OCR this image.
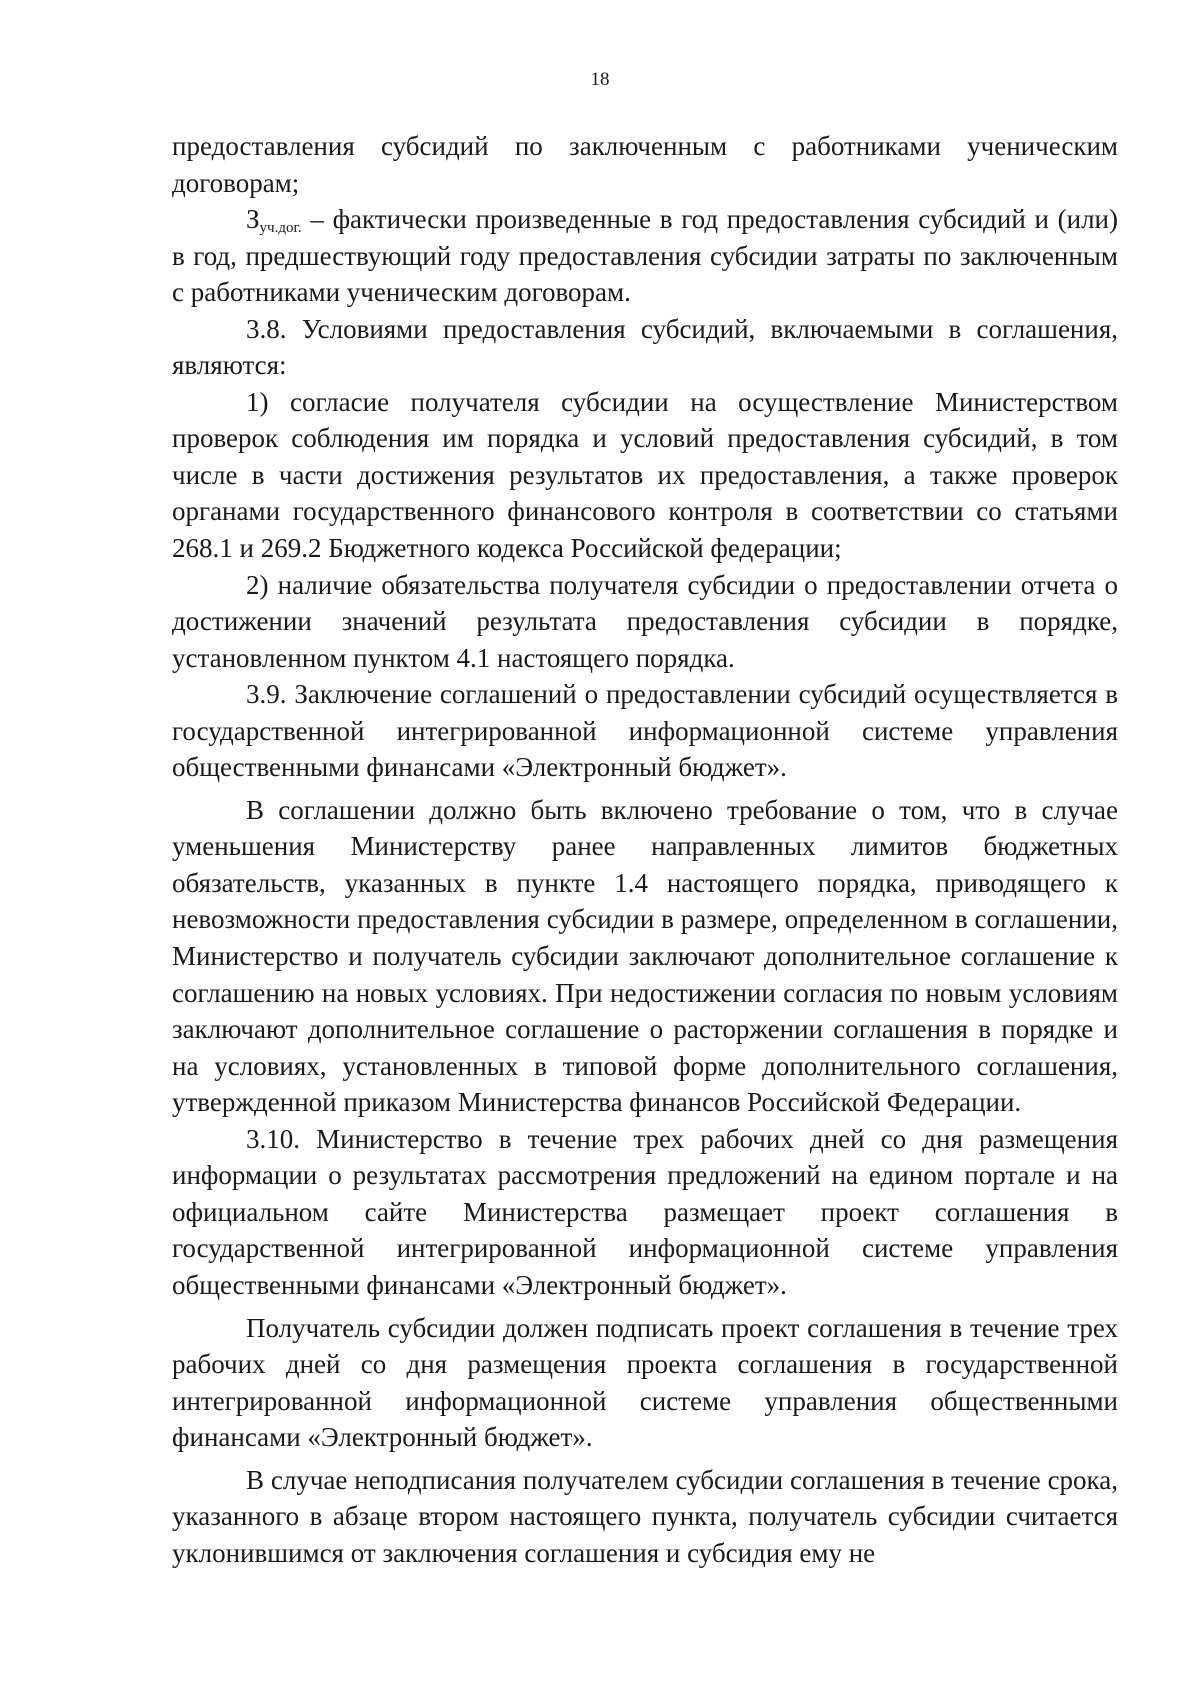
18

предоставления субсидий по заключенным с работниками ученическим договорам;

$З_{уч.дог.}$ – фактически произведенные в год предоставления субсидий и (или) в год, предшествующий году предоставления субсидии затраты по заключенным с работниками ученическим договорам.

3.8. Условиями предоставления субсидий, включаемыми в соглашения, являются:

1) согласие получателя субсидии на осуществление Министерством проверок соблюдения им порядка и условий предоставления субсидий, в том числе в части достижения результатов их предоставления, а также проверок органами государственного финансового контроля в соответствии со статьями 268.1 и 269.2 Бюджетного кодекса Российской федерации;

2) наличие обязательства получателя субсидии о предоставлении отчета о достижении значений результата предоставления субсидии в порядке, установленном пунктом 4.1 настоящего порядка.

3.9. Заключение соглашений о предоставлении субсидий осуществляется в государственной интегрированной информационной системе управления общественными финансами «Электронный бюджет».

В соглашении должно быть включено требование о том, что в случае уменьшения Министерству ранее направленных лимитов бюджетных обязательств, указанных в пункте 1.4 настоящего порядка, приводящего к невозможности предоставления субсидии в размере, определенном в соглашении, Министерство и получатель субсидии заключают дополнительное соглашение к соглашению на новых условиях. При недостижении согласия по новым условиям заключают дополнительное соглашение о расторжении соглашения в порядке и на условиях, установленных в типовой форме дополнительного соглашения, утвержденной приказом Министерства финансов Российской Федерации.

3.10. Министерство в течение трех рабочих дней со дня размещения информации о результатах рассмотрения предложений на едином портале и на официальном сайте Министерства размещает проект соглашения в государственной интегрированной информационной системе управления общественными финансами «Электронный бюджет».

Получатель субсидии должен подписать проект соглашения в течение трех рабочих дней со дня размещения проекта соглашения в государственной интегрированной информационной системе управления общественными финансами «Электронный бюджет».

В случае неподписания получателем субсидии соглашения в течение срока, указанного в абзаце втором настоящего пункта, получатель субсидии считается уклонившимся от заключения соглашения и субсидия ему не
